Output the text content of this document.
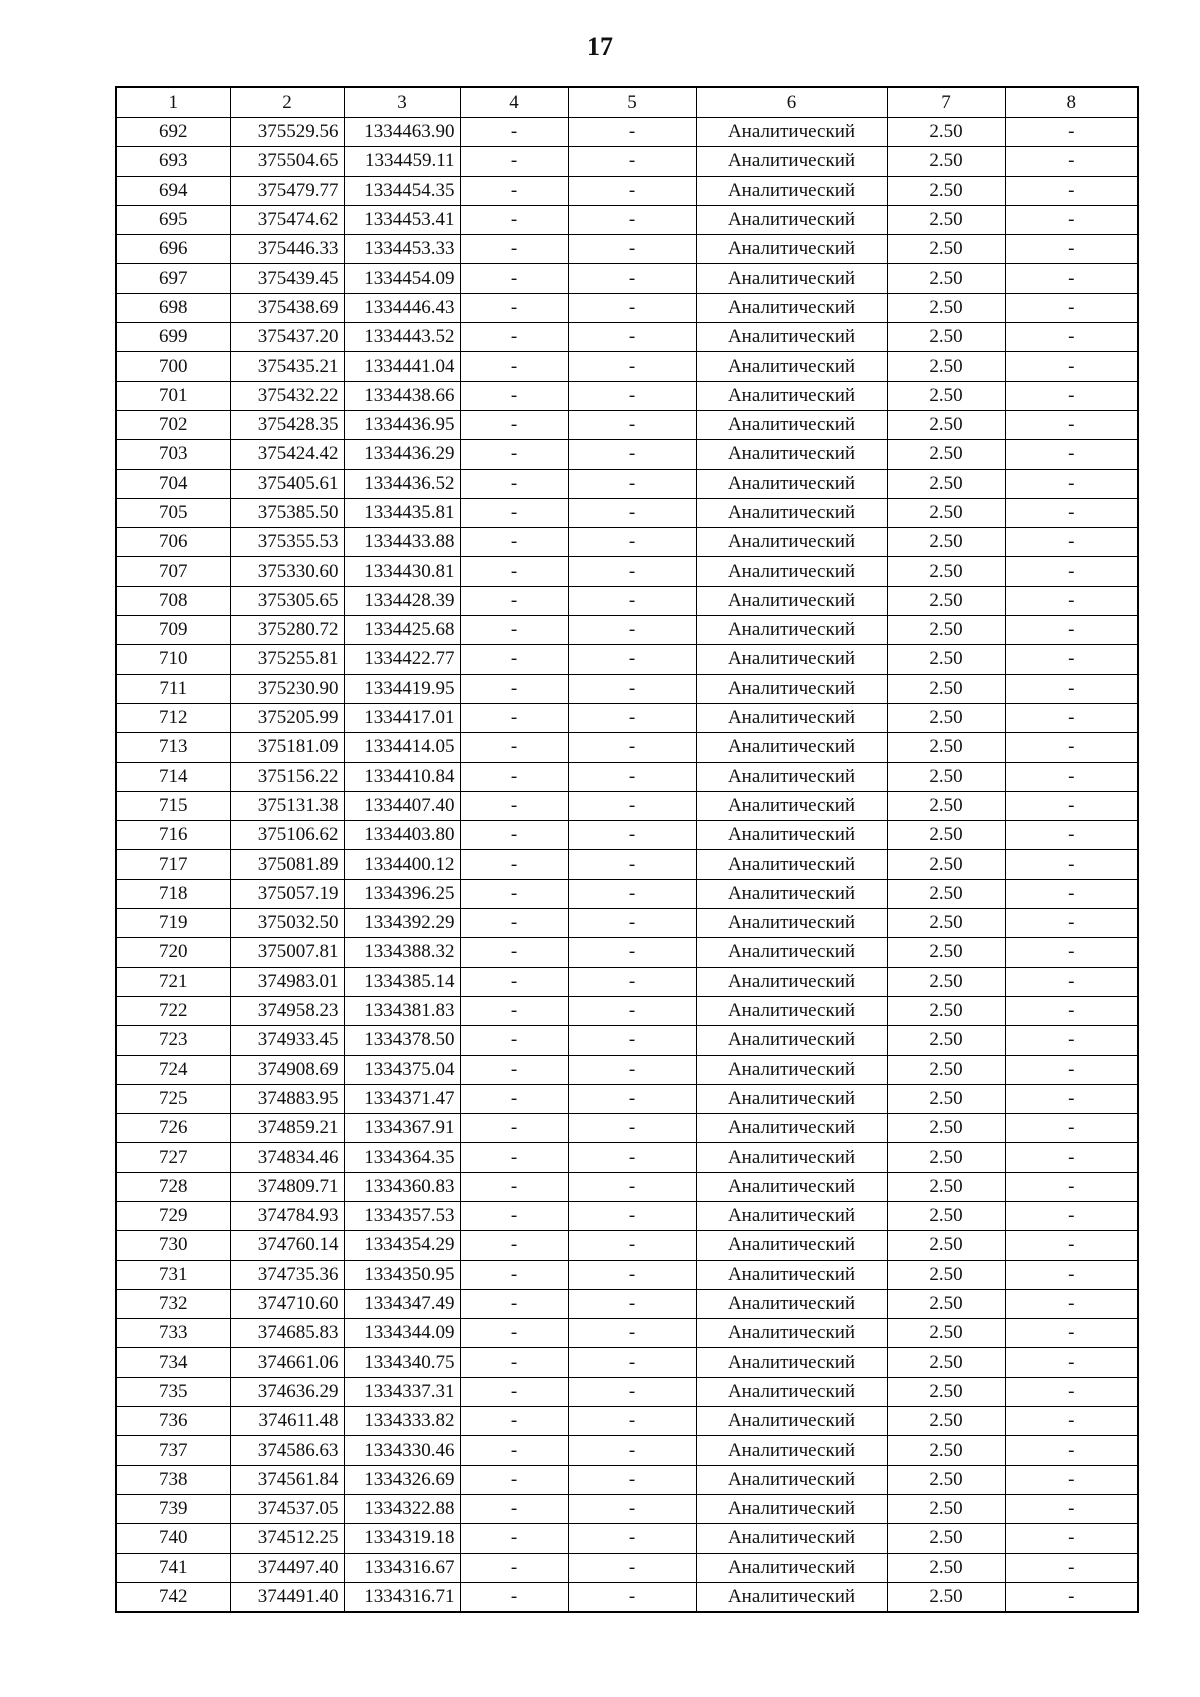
17
1	2	3	4	5	6	7	8
692	375529.56	1334463.90	-	-	Аналитический	2.50	-
693	375504.65	1334459.11	-	-	Аналитический	2.50	-
694	375479.77	1334454.35	-	-	Аналитический	2.50	-
695	375474.62	1334453.41	-	-	Аналитический	2.50	-
696	375446.33	1334453.33	-	-	Аналитический	2.50	-
697	375439.45	1334454.09	-	-	Аналитический	2.50	-
698	375438.69	1334446.43	-	-	Аналитический	2.50	-
699	375437.20	1334443.52	-	-	Аналитический	2.50	-
700	375435.21	1334441.04	-	-	Аналитический	2.50	-
701	375432.22	1334438.66	-	-	Аналитический	2.50	-
702	375428.35	1334436.95	-	-	Аналитический	2.50	-
703	375424.42	1334436.29	-	-	Аналитический	2.50	-
704	375405.61	1334436.52	-	-	Аналитический	2.50	-
705	375385.50	1334435.81	-	-	Аналитический	2.50	-
706	375355.53	1334433.88	-	-	Аналитический	2.50	-
707	375330.60	1334430.81	-	-	Аналитический	2.50	-
708	375305.65	1334428.39	-	-	Аналитический	2.50	-
709	375280.72	1334425.68	-	-	Аналитический	2.50	-
710	375255.81	1334422.77	-	-	Аналитический	2.50	-
711	375230.90	1334419.95	-	-	Аналитический	2.50	-
712	375205.99	1334417.01	-	-	Аналитический	2.50	-
713	375181.09	1334414.05	-	-	Аналитический	2.50	-
714	375156.22	1334410.84	-	-	Аналитический	2.50	-
715	375131.38	1334407.40	-	-	Аналитический	2.50	-
716	375106.62	1334403.80	-	-	Аналитический	2.50	-
717	375081.89	1334400.12	-	-	Аналитический	2.50	-
718	375057.19	1334396.25	-	-	Аналитический	2.50	-
719	375032.50	1334392.29	-	-	Аналитический	2.50	-
720	375007.81	1334388.32	-	-	Аналитический	2.50	-
721	374983.01	1334385.14	-	-	Аналитический	2.50	-
722	374958.23	1334381.83	-	-	Аналитический	2.50	-
723	374933.45	1334378.50	-	-	Аналитический	2.50	-
724	374908.69	1334375.04	-	-	Аналитический	2.50	-
725	374883.95	1334371.47	-	-	Аналитический	2.50	-
726	374859.21	1334367.91	-	-	Аналитический	2.50	-
727	374834.46	1334364.35	-	-	Аналитический	2.50	-
728	374809.71	1334360.83	-	-	Аналитический	2.50	-
729	374784.93	1334357.53	-	-	Аналитический	2.50	-
730	374760.14	1334354.29	-	-	Аналитический	2.50	-
731	374735.36	1334350.95	-	-	Аналитический	2.50	-
732	374710.60	1334347.49	-	-	Аналитический	2.50	-
733	374685.83	1334344.09	-	-	Аналитический	2.50	-
734	374661.06	1334340.75	-	-	Аналитический	2.50	-
735	374636.29	1334337.31	-	-	Аналитический	2.50	-
736	374611.48	1334333.82	-	-	Аналитический	2.50	-
737	374586.63	1334330.46	-	-	Аналитический	2.50	-
738	374561.84	1334326.69	-	-	Аналитический	2.50	-
739	374537.05	1334322.88	-	-	Аналитический	2.50	-
740	374512.25	1334319.18	-	-	Аналитический	2.50	-
741	374497.40	1334316.67	-	-	Аналитический	2.50	-
742	374491.40	1334316.71	-	-	Аналитический	2.50	-
